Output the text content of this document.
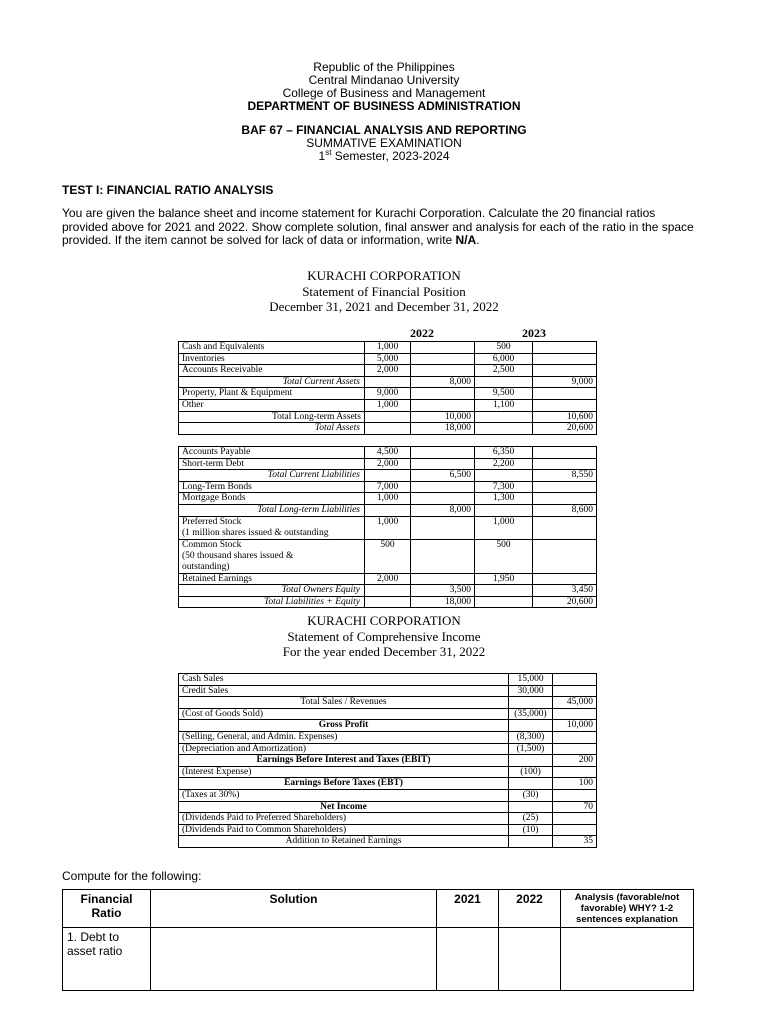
Republic of the Philippines
Central Mindanao University
College of Business and Management
DEPARTMENT OF BUSINESS ADMINISTRATION
BAF 67 – FINANCIAL ANALYSIS AND REPORTING
SUMMATIVE EXAMINATION
1st Semester, 2023-2024
TEST I: FINANCIAL RATIO ANALYSIS
You are given the balance sheet and income statement for Kurachi Corporation. Calculate the 20 financial ratios provided above for 2021 and 2022. Show complete solution, final answer and analysis for each of the ratio in the space provided. If the item cannot be solved for lack of data or information, write N/A.
KURACHI CORPORATION
Statement of Financial Position
December 31, 2021 and December 31, 2022
2022	2023
Cash and Equivalents	1,000		500	
Inventories	5,000		6,000	
Accounts Receivable	2,000		2,500	
Total Current Assets		8,000		9,000
Property, Plant & Equipment	9,000		9,500	
Other	1,000		1,100	
Total Long-term Assets		10,000		10,600
Total Assets		18,000		20,600
Accounts Payable	4,500		6,350	
Short-term Debt	2,000		2,200	
Total Current Liabilities		6,500		8,550
Long-Term Bonds	7,000		7,300	
Mortgage Bonds	1,000		1,300	
Total Long-term Liabilities		8,000		8,600

Preferred Stock
(1 million shares issued & outstanding	1,000		1,000	

Common Stock
(50 thousand shares issued &
outstanding)	500		500	
Retained Earnings	2,000		1,950	
Total Owners Equity		3,500		3,450
Total Liabilities + Equity		18,000		20,600
KURACHI CORPORATION
Statement of Comprehensive Income
For the year ended December 31, 2022
Cash Sales	15,000	
Credit Sales	30,000	
Total Sales / Revenues		45,000
(Cost of Goods Sold)	(35,000)	
Gross Profit		10,000
(Selling, General, and Admin. Expenses)	(8,300)	
(Depreciation and Amortization)	(1,500)	
Earnings Before Interest and Taxes (EBIT)		200
(Interest Expense)	(100)	
Earnings Before Taxes (EBT)		100
(Taxes at 30%)	(30)	
Net Income		70
(Dividends Paid to Preferred Shareholders)	(25)	
(Dividends Paid to Common Shareholders)	(10)	
Addition to Retained Earnings		35
Compute for the following:
Financial Ratio	Solution	2021	2022	Analysis (favorable/not favorable) WHY? 1-2 sentences explanation
1. Debt to asset ratio				
